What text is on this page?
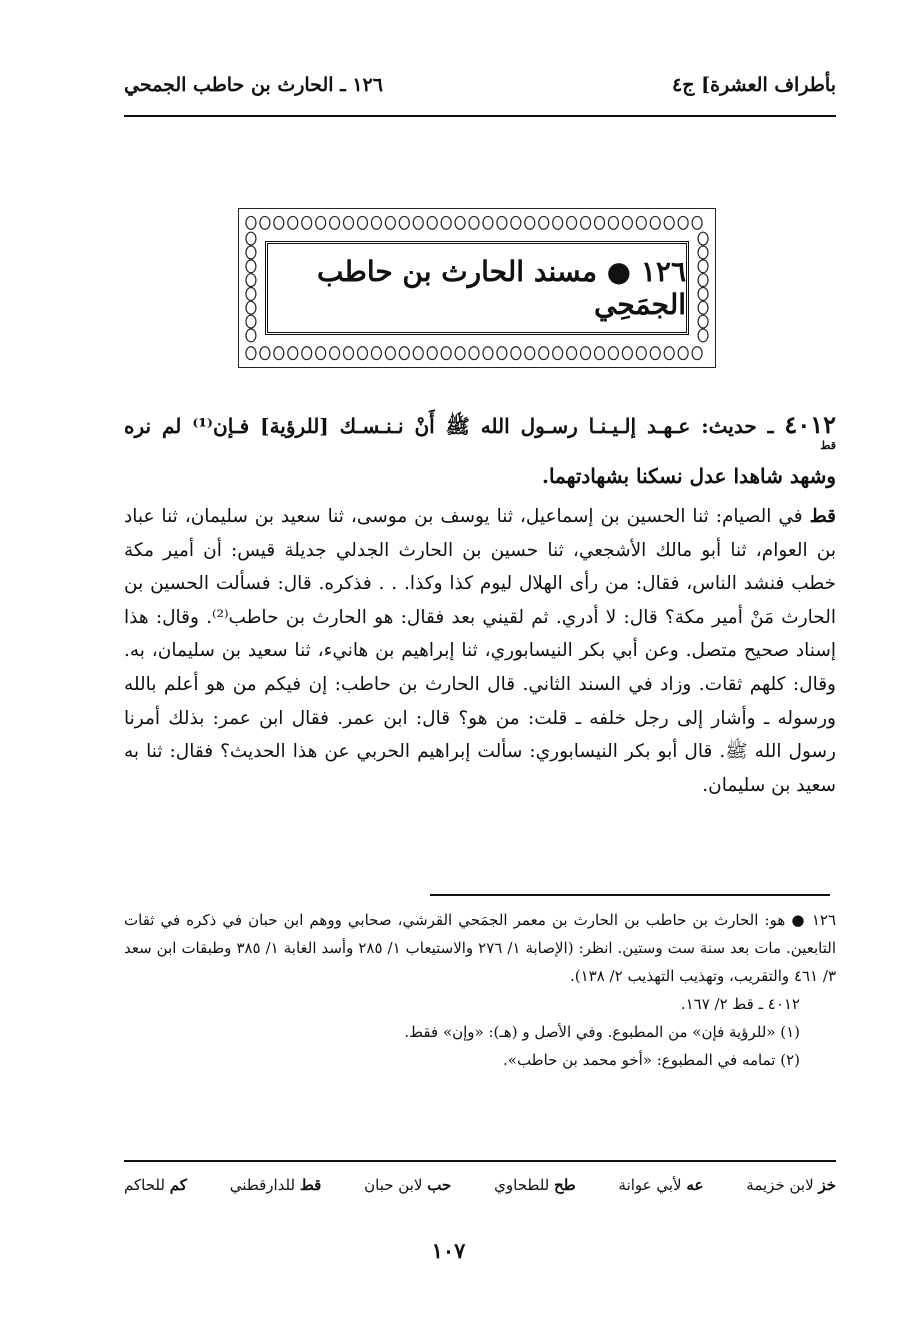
بأطراف العشرة] ج٤
١٢٦ ـ الحارث بن حاطب الجمحي
١٢٦ ● مسند الحارث بن حاطب الجمَحِي
٤٠١٢ ـ حديث: عـهـد إلـيـنـا رسـول الله ﷺ أَنْ نـنـسـك [للرؤية] فـإن⁽¹⁾ لم نره وشهد شاهدا عدل نسكنا بشهادتهما.
قط
قط في الصيام: ثنا الحسين بن إسماعيل، ثنا يوسف بن موسى، ثنا سعيد بن سليمان، ثنا عباد بن العوام، ثنا أبو مالك الأشجعي، ثنا حسين بن الحارث الجدلي جديلة قيس: أن أمير مكة خطب فنشد الناس، فقال: من رأى الهلال ليوم كذا وكذا. . . فذكره. قال: فسألت الحسين بن الحارث مَنْ أمير مكة؟ قال: لا أدري. ثم لقيني بعد فقال: هو الحارث بن حاطب⁽²⁾. وقال: هذا إسناد صحيح متصل. وعن أبي بكر النيسابوري، ثنا إبراهيم بن هانيء، ثنا سعيد بن سليمان، به. وقال: كلهم ثقات. وزاد في السند الثاني. قال الحارث بن حاطب: إن فيكم من هو أعلم بالله ورسوله ـ وأشار إلى رجل خلفه ـ قلت: من هو؟ قال: ابن عمر. فقال ابن عمر: بذلك أمرنا رسول الله ﷺ. قال أبو بكر النيسابوري: سألت إبراهيم الحربي عن هذا الحديث؟ فقال: ثنا به سعيد بن سليمان.

١٢٦ ● هو: الحارث بن حاطب بن الحارث بن معمر الجمَحي القرشي، صحابي ووهم ابن حبان في ذكره في ثقات التابعين. مات بعد سنة ست وستين. انظر: (الإصابة ١/ ٢٧٦ والاستيعاب ١/ ٢٨٥ وأسد الغابة ١/ ٣٨٥ وطبقات ابن سعد ٣/ ٤٦١ والتقريب، وتهذيب التهذيب ٢/ ١٣٨).

٤٠١٢ ـ قط ٢/ ١٦٧.

(١) «للرؤية فإن» من المطبوع. وفي الأصل و (هـ): «وإن» فقط.

(٢) تمامه في المطبوع: «أخو محمد بن حاطب».

خز لابن خزيمة
عه لأبي عوانة
طح للطحاوي
حب لابن حبان
قط للدارقطني
كم للحاكم
١٠٧
